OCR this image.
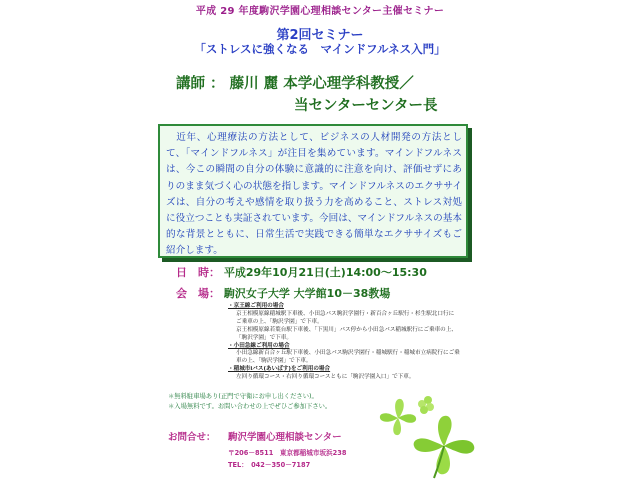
平成 29 年度駒沢学園心理相談センター主催セミナー
第2回セミナー
「ストレスに強くなる　マインドフルネス入門」
講師 ： 藤川 麗 本学心理学科教授／
当センターセンター長
　近年、心理療法の方法として、ビジネスの人材開発の方法として、「マインドフルネス」が注目を集めています。マインドフルネスは、今この瞬間の自分の体験に意識的に注意を向け、評価せずにありのまま気づく心の状態を指します。マインドフルネスのエクササイズは、自分の考えや感情を取り扱う力を高めること、ストレス対処に役立つことも実証されています。今回は、マインドフルネスの基本的な背景とともに、日常生活で実践できる簡単なエクササイズもご紹介します。
日　時： 平成29年10月21日(土)14:00～15:30
会　場： 駒沢女子大学 大学館10－38教場
・京王線ご利用の場合
京王相模原線稲城駅下車後、小田急バス駒沢学園行・新百合ヶ丘駅行・杉生駅北口行に
ご乗車の上、「駒沢学園」で下車。
京王相模原線若葉台駅下車後、「下黒川」バス停から小田急バス稲城駅行にご乗車の上、
「駒沢学園」で下車。
・小田急線ご利用の場合
小田急線新百合ヶ丘駅下車後、小田急バス駒沢学園行・稲城駅行・稲城市立病院行にご乗
車の上、「駒沢学園」で下車。
・稲城市iバス(あいばす)をご利用の場合
左回り循環コース・右回り循環コースともに「駒沢学園入口」で下車。
＊無料駐車場あり(正門で守衛にお申し出ください)。
＊入場無料です。お問い合わせの上でぜひご参加下さい。
お問合せ： 駒沢学園心理相談センター
〒206－8511　東京都稲城市坂浜238
TEL：　042－350－7187
